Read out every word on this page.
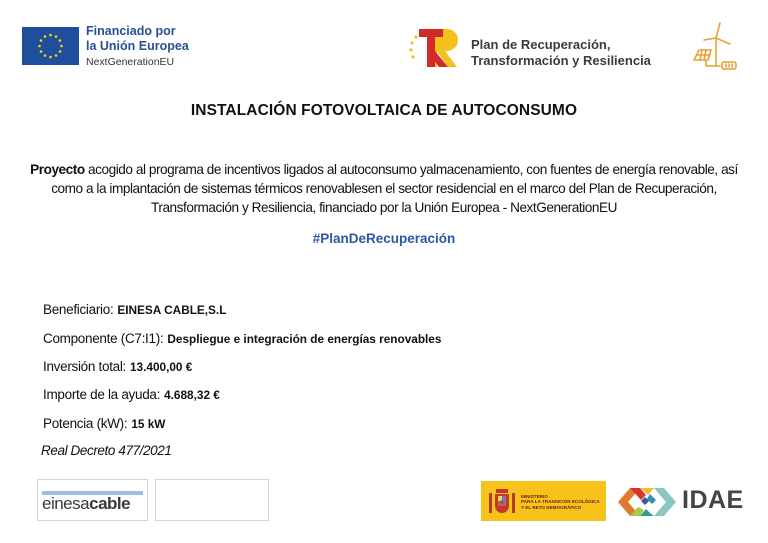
Financiado por
la Unión Europea
NextGenerationEU
Plan de Recuperación,
Transformación y Resiliencia
INSTALACIÓN FOTOVOLTAICA DE AUTOCONSUMO
Proyecto acogido al programa de incentivos ligados al autoconsumo yalmacenamiento, con fuentes de energía renovable, así como a la implantación de sistemas térmicos renovablesen el sector residencial en el marco del Plan de Recuperación, Transformación y Resiliencia, financiado por la Unión Europea - NextGenerationEU
#PlanDeRecuperación
Beneficiario: EINESA CABLE,S.L
Componente (C7:I1): Despliegue e integración de energías renovables
Inversión total: 13.400,00 €
Importe de la ayuda: 4.688,32 €
Potencia (kW): 15 kW
Real Decreto 477/2021
einesacable	MINISTERIO
PARA LA TRANSICIÓN ECOLÓGICA
Y EL RETO DEMOGRÁFICO	IDAE
